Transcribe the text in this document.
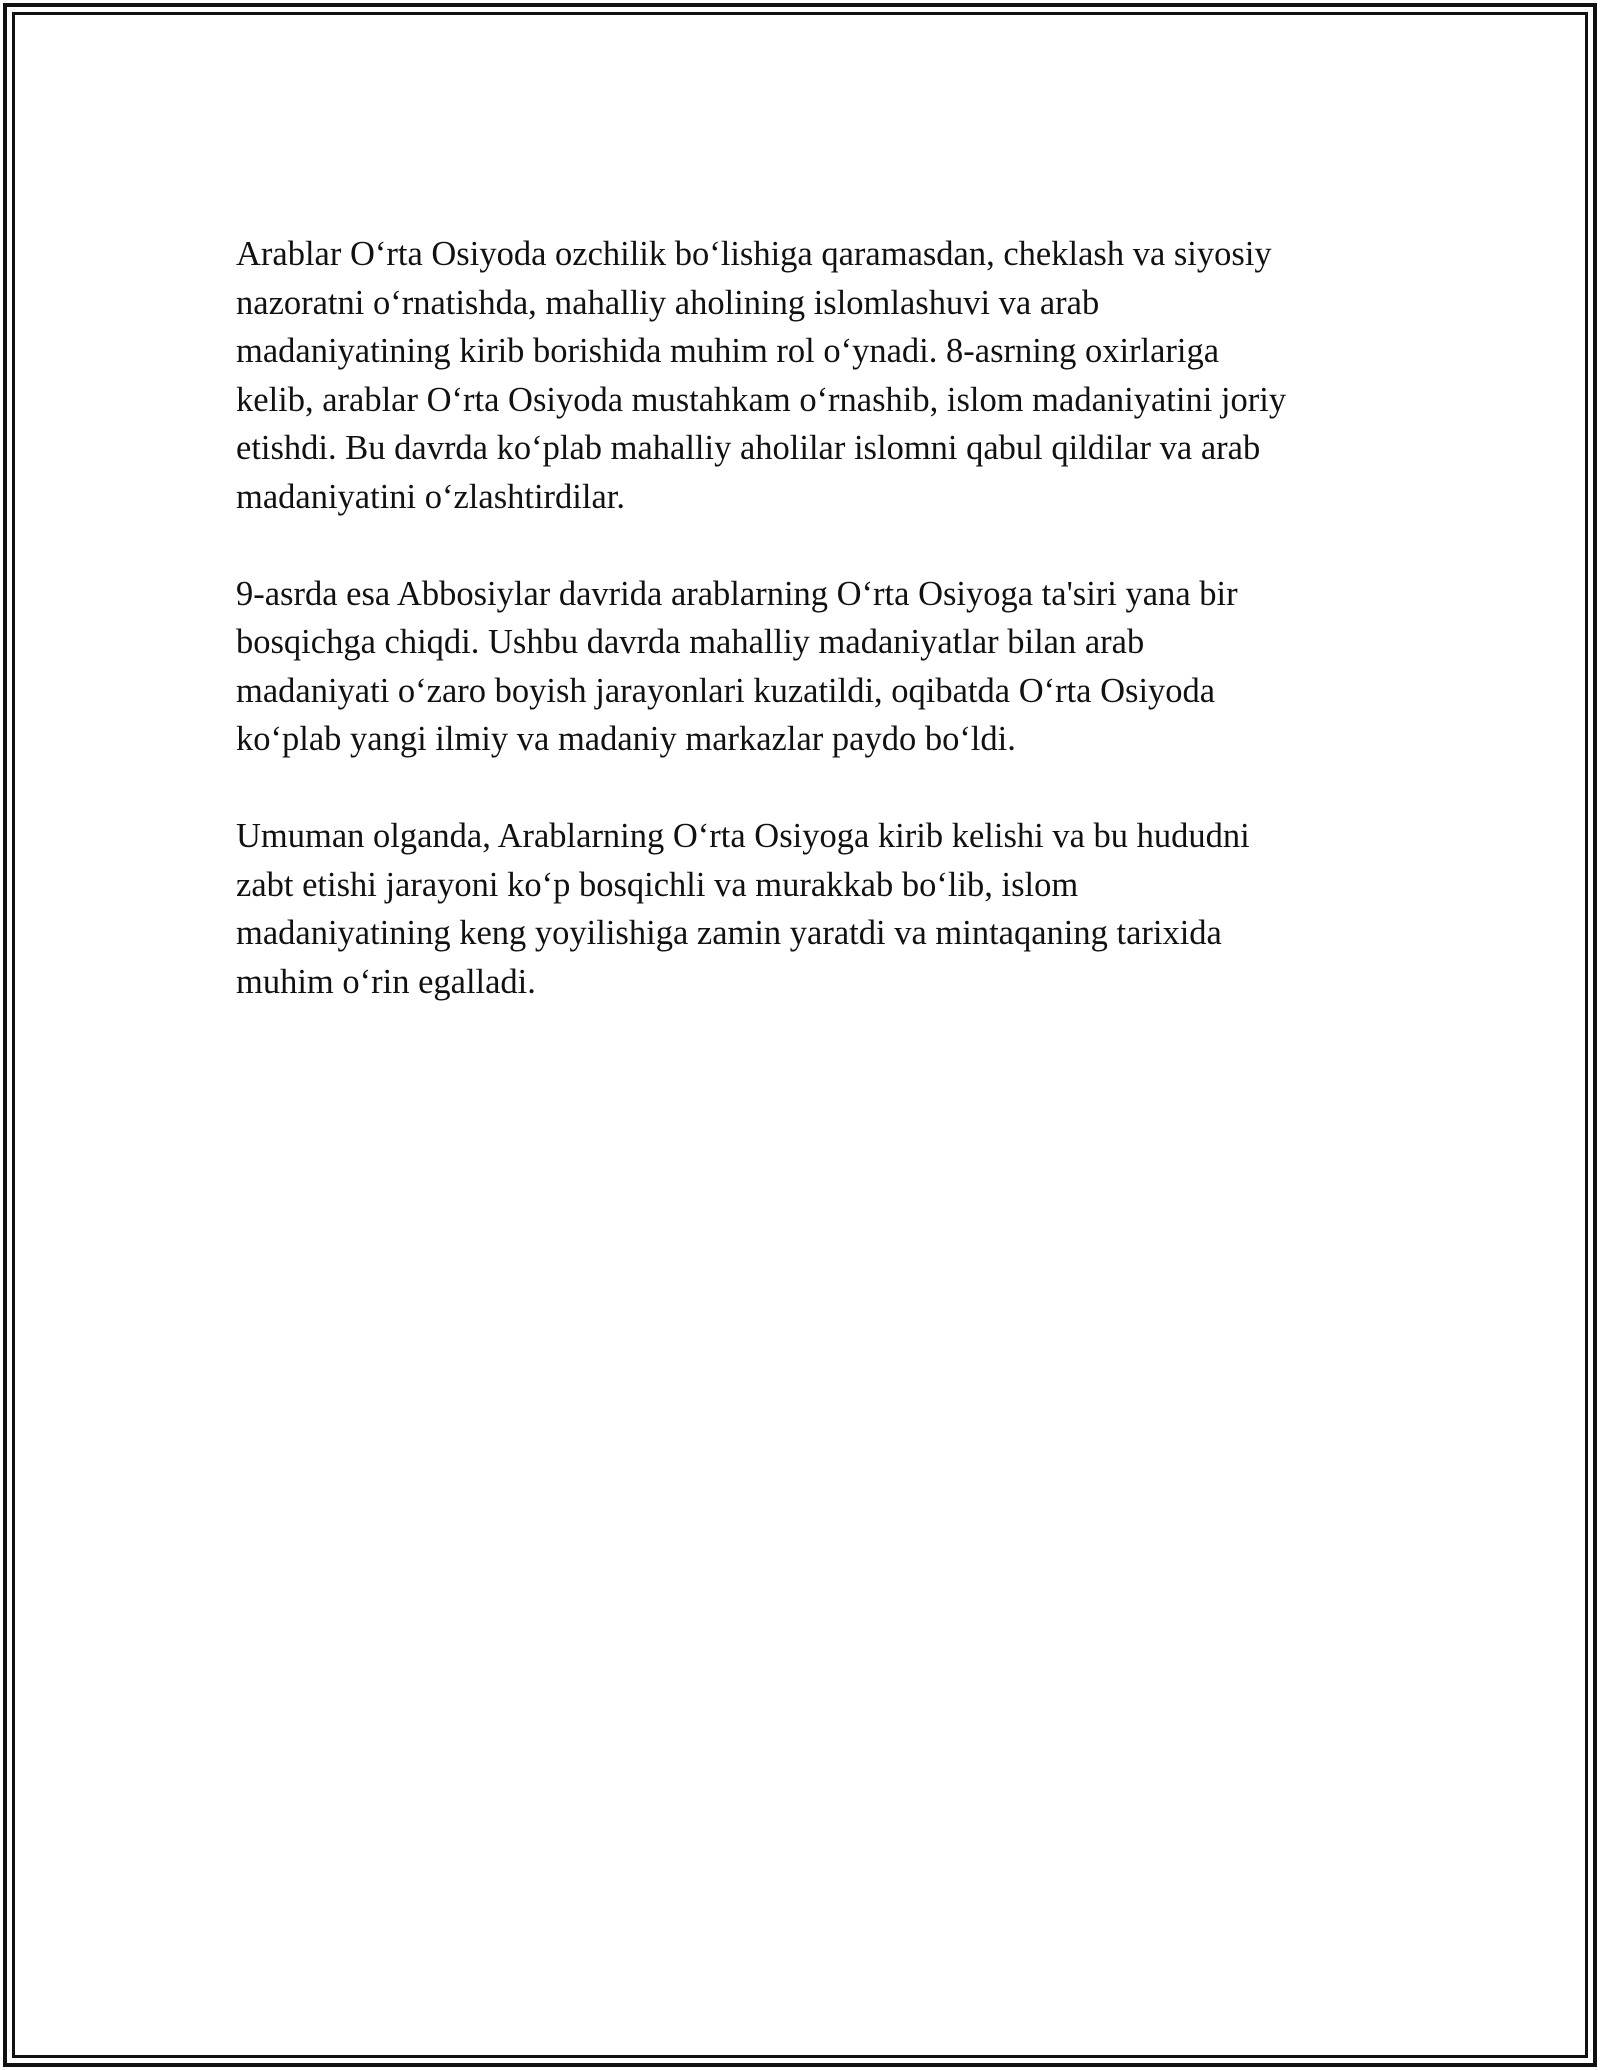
Arablar Oʻrta Osiyoda ozchilik boʻlishiga qaramasdan, cheklash va siyosiy
nazoratni oʻrnatishda, mahalliy aholining islomlashuvi va arab
madaniyatining kirib borishida muhim rol oʻynadi. 8-asrning oxirlariga
kelib, arablar Oʻrta Osiyoda mustahkam oʻrnashib, islom madaniyatini joriy
etishdi. Bu davrda koʻplab mahalliy aholilar islomni qabul qildilar va arab
madaniyatini oʻzlashtirdilar.

9-asrda esa Abbosiylar davrida arablarning Oʻrta Osiyoga ta'siri yana bir
bosqichga chiqdi. Ushbu davrda mahalliy madaniyatlar bilan arab
madaniyati oʻzaro boyish jarayonlari kuzatildi, oqibatda Oʻrta Osiyoda
koʻplab yangi ilmiy va madaniy markazlar paydo boʻldi.

Umuman olganda, Arablarning Oʻrta Osiyoga kirib kelishi va bu hududni
zabt etishi jarayoni koʻp bosqichli va murakkab boʻlib, islom
madaniyatining keng yoyilishiga zamin yaratdi va mintaqaning tarixida
muhim oʻrin egalladi.
